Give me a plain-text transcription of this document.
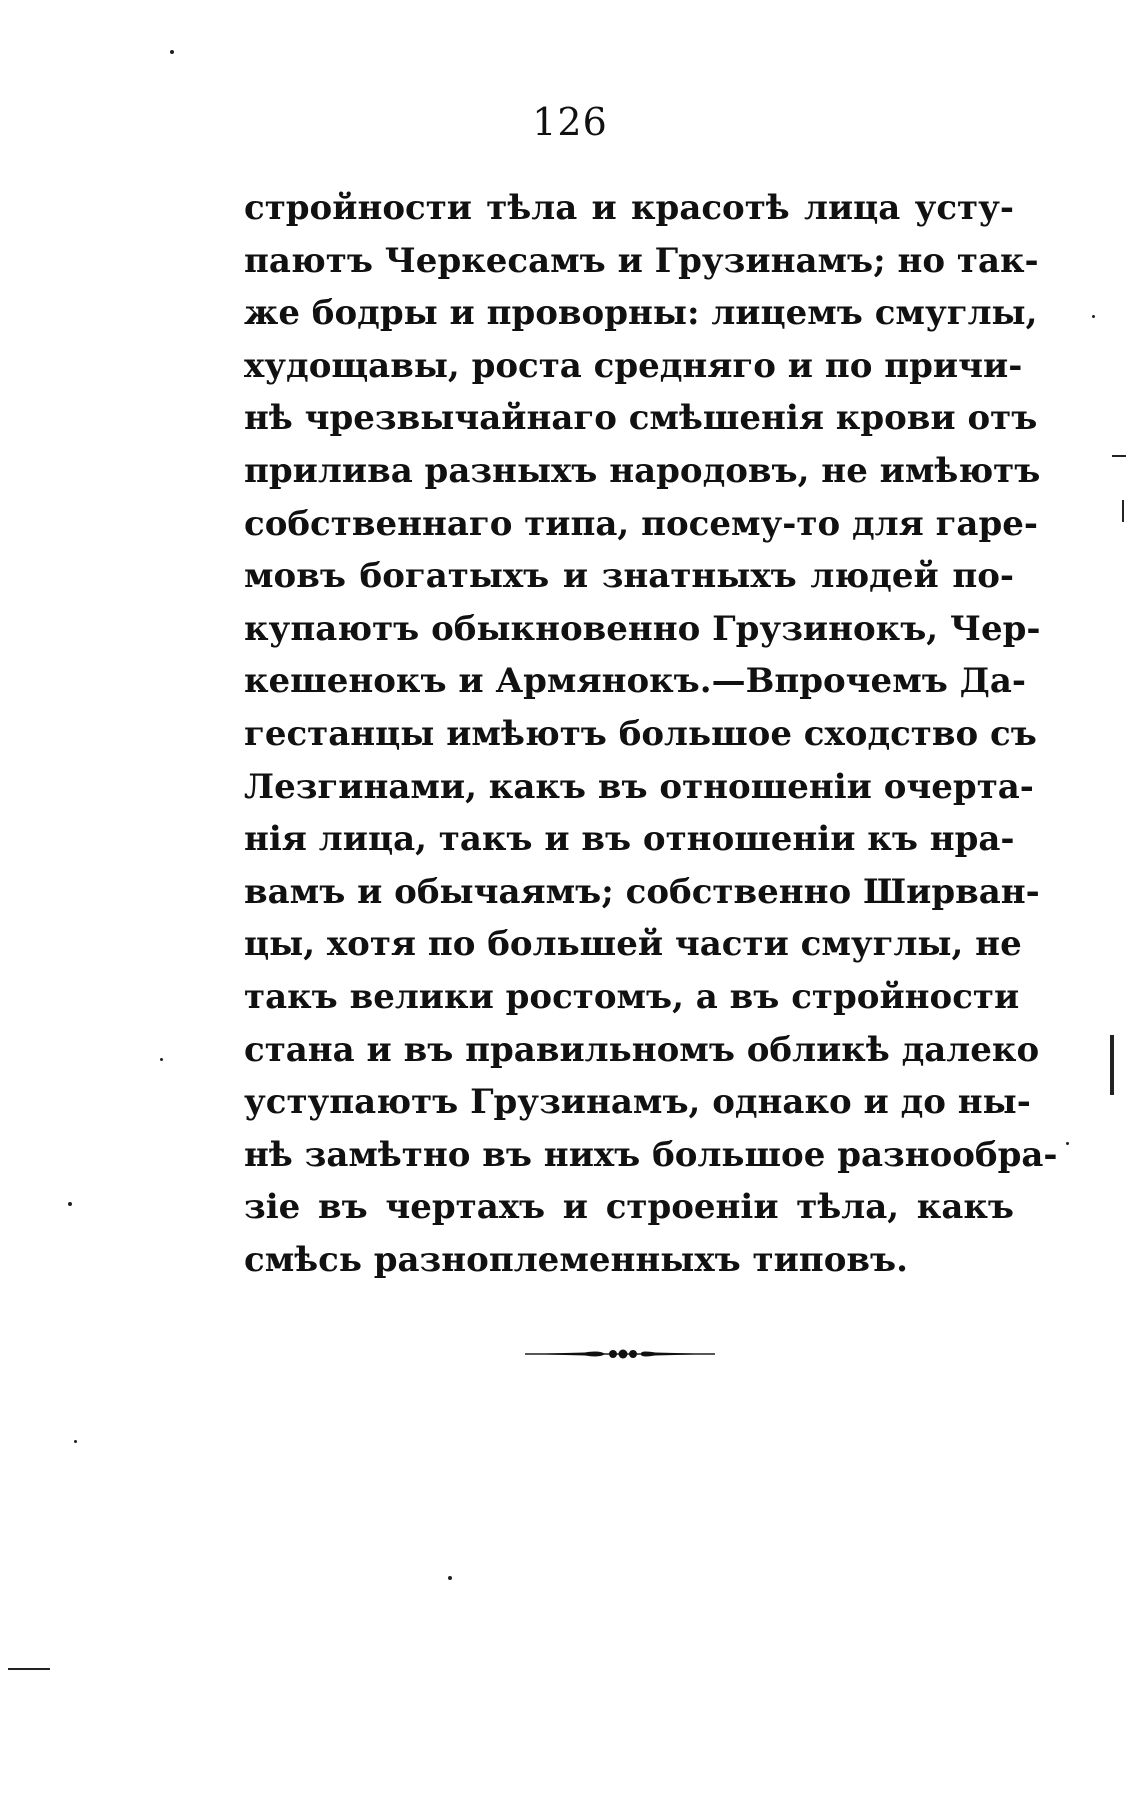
126
стройности тѣла и красотѣ лица усту-
паютъ Черкесамъ и Грузинамъ; но так-
же бодры и проворны: лицемъ смуглы,
худощавы, роста средняго и по причи-
нѣ чрезвычайнаго смѣшенія крови отъ
прилива разныхъ народовъ, не имѣютъ
собственнаго типа, посему-то для гаре-
мовъ богатыхъ и знатныхъ людей по-
купаютъ обыкновенно Грузинокъ, Чер-
кешенокъ и Армянокъ.—Впрочемъ Да-
гестанцы имѣютъ большое сходство съ
Лезгинами, какъ въ отношеніи очерта-
нія лица, такъ и въ отношеніи къ нра-
вамъ и обычаямъ; собственно Ширван-
цы, хотя по большей части смуглы, не
такъ велики ростомъ, а въ стройности
стана и въ правильномъ обликѣ далеко
уступаютъ Грузинамъ, однако и до ны-
нѣ замѣтно въ нихъ большое разнообра-
зіе въ чертахъ и строеніи тѣла, какъ
смѣсь разноплеменныхъ типовъ.
